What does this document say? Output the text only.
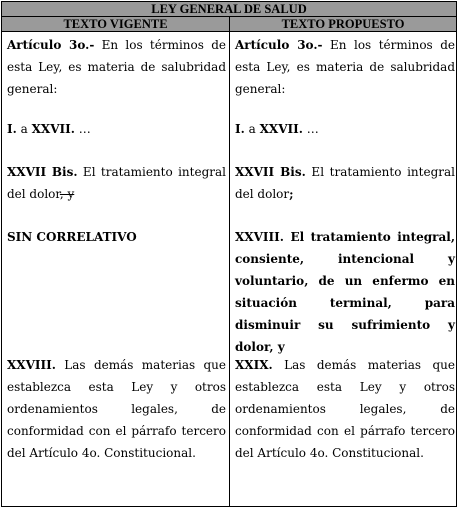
LEY GENERAL DE SALUD
TEXTO VIGENTE	TEXTO PROPUESTO
Artículo 3o.- En los términos de esta Ley, es materia de salubridad general:
I. a XXVII. …
XXVII Bis. El tratamiento integral del dolor, y
SIN CORRELATIVO
XXVIII. Las demás materias que establezca esta Ley y otros ordenamientos legales, de conformidad con el párrafo tercero del Artículo 4o. Constitucional.
Artículo 3o.- En los términos de esta Ley, es materia de salubridad general:
I. a XXVII. …
XXVII Bis. El tratamiento integral del dolor;
XXVIII. El tratamiento integral, consiente, intencional y voluntario, de un enfermo en situación terminal, para disminuir su sufrimiento y dolor, y
XXIX. Las demás materias que establezca esta Ley y otros ordenamientos legales, de conformidad con el párrafo tercero del Artículo 4o. Constitucional.
